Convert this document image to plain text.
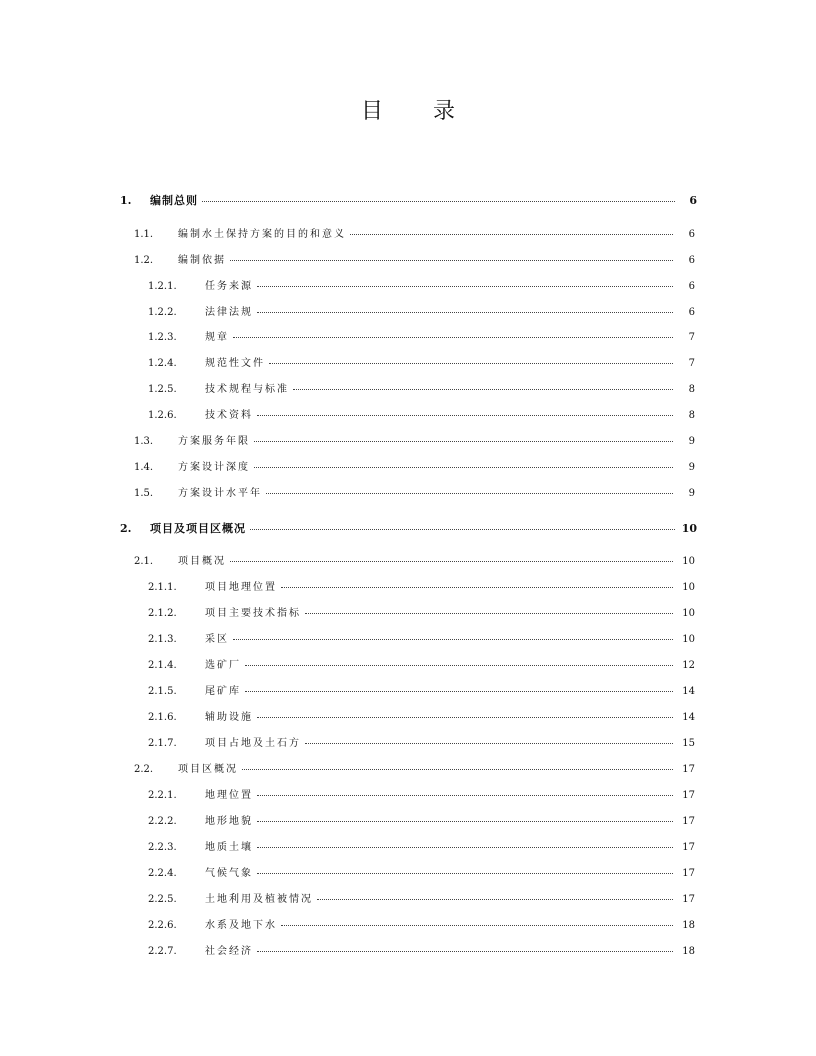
目 录
1.	编制总则	6
1.1.	编制水土保持方案的目的和意义	6
1.2.	编制依据	6
1.2.1.	任务来源	6
1.2.2.	法律法规	6
1.2.3.	规章	7
1.2.4.	规范性文件	7
1.2.5.	技术规程与标准	8
1.2.6.	技术资料	8
1.3.	方案服务年限	9
1.4.	方案设计深度	9
1.5.	方案设计水平年	9
2.	项目及项目区概况	10
2.1.	项目概况	10
2.1.1.	项目地理位置	10
2.1.2.	项目主要技术指标	10
2.1.3.	采区	10
2.1.4.	选矿厂	12
2.1.5.	尾矿库	14
2.1.6.	辅助设施	14
2.1.7.	项目占地及土石方	15
2.2.	项目区概况	17
2.2.1.	地理位置	17
2.2.2.	地形地貌	17
2.2.3.	地质土壤	17
2.2.4.	气候气象	17
2.2.5.	土地利用及植被情况	17
2.2.6.	水系及地下水	18
2.2.7.	社会经济	18
